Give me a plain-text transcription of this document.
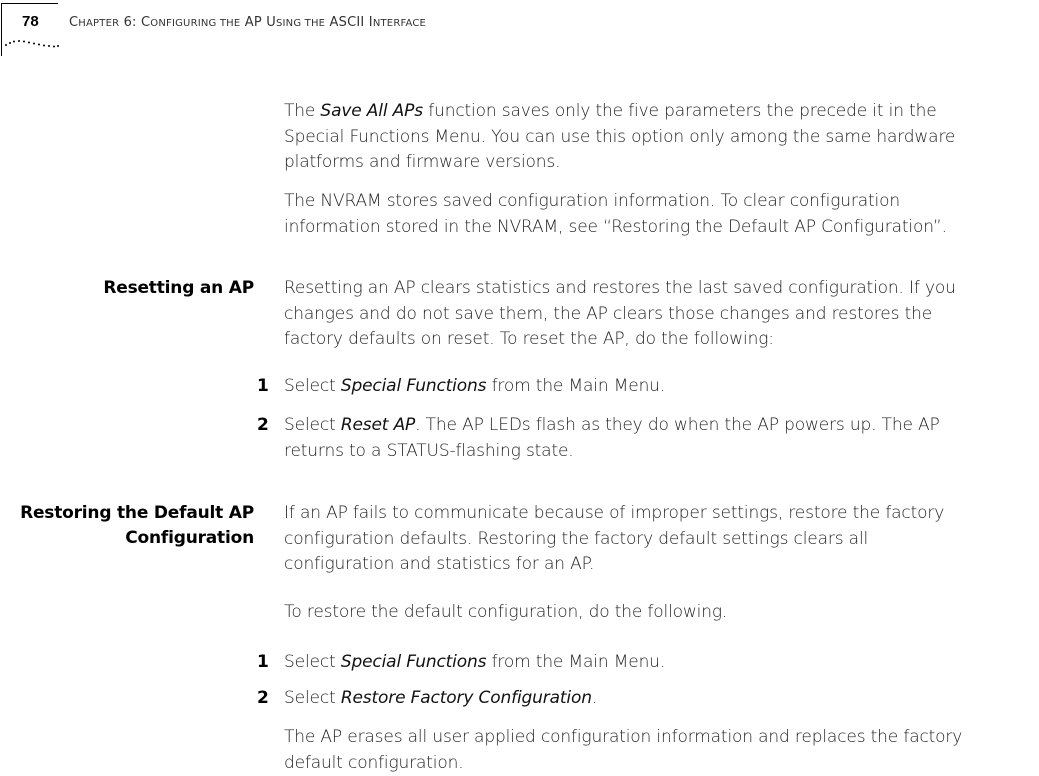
78 CHAPTER 6: CONFIGURING THE AP USING THE ASCII INTERFACE
The Save All APs function saves only the five parameters the precede it in the
Special Functions Menu. You can use this option only among the same hardware
platforms and firmware versions.
The NVRAM stores saved configuration information. To clear configuration
information stored in the NVRAM, see “Restoring the Default AP Configuration”.
Resetting an AP Resetting an AP clears statistics and restores the last saved configuration. If you
changes and do not save them, the AP clears those changes and restores the
factory defaults on reset. To reset the AP, do the following:
1 Select Special Functions from the Main Menu.
2 Select Reset AP. The AP LEDs flash as they do when the AP powers up. The AP
returns to a STATUS-flashing state.
Restoring the Default AP
Configuration
If an AP fails to communicate because of improper settings, restore the factory
configuration defaults. Restoring the factory default settings clears all
configuration and statistics for an AP.
To restore the default configuration, do the following.
1 Select Special Functions from the Main Menu.
2 Select Restore Factory Configuration.
The AP erases all user applied configuration information and replaces the factory
default configuration.
